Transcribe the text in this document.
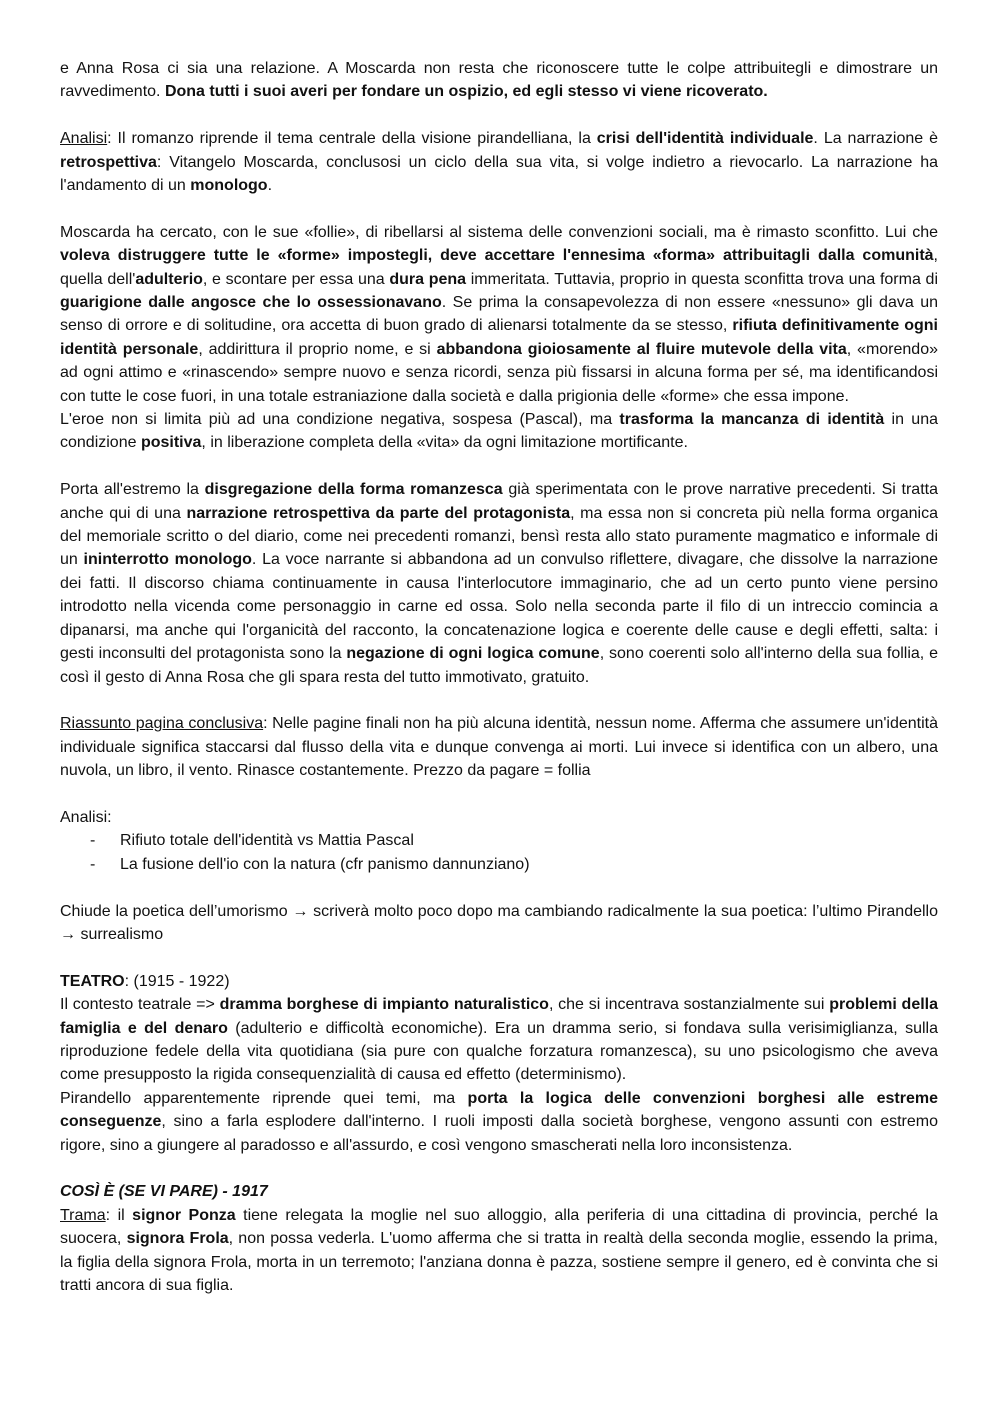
e Anna Rosa ci sia una relazione. A Moscarda non resta che riconoscere tutte le colpe attribuitegli e dimostrare un ravvedimento. Dona tutti i suoi averi per fondare un ospizio, ed egli stesso vi viene ricoverato.

Analisi: Il romanzo riprende il tema centrale della visione pirandelliana, la crisi dell'identità individuale. La narrazione è retrospettiva: Vitangelo Moscarda, conclusosi un ciclo della sua vita, si volge indietro a rievocarlo. La narrazione ha l'andamento di un monologo.

Moscarda ha cercato, con le sue «follie», di ribellarsi al sistema delle convenzioni sociali, ma è rimasto sconfitto. Lui che voleva distruggere tutte le «forme» impostegli, deve accettare l'ennesima «forma» attribuitagli dalla comunità, quella dell'adulterio, e scontare per essa una dura pena immeritata. Tuttavia, proprio in questa sconfitta trova una forma di guarigione dalle angosce che lo ossessionavano. Se prima la consapevolezza di non essere «nessuno» gli dava un senso di orrore e di solitudine, ora accetta di buon grado di alienarsi totalmente da se stesso, rifiuta definitivamente ogni identità personale, addirittura il proprio nome, e si abbandona gioiosamente al fluire mutevole della vita, «morendo» ad ogni attimo e «rinascendo» sempre nuovo e senza ricordi, senza più fissarsi in alcuna forma per sé, ma identificandosi con tutte le cose fuori, in una totale estraniazione dalla società e dalla prigionia delle «forme» che essa impone.

L'eroe non si limita più ad una condizione negativa, sospesa (Pascal), ma trasforma la mancanza di identità in una condizione positiva, in liberazione completa della «vita» da ogni limitazione mortificante.

Porta all'estremo la disgregazione della forma romanzesca già sperimentata con le prove narrative precedenti. Si tratta anche qui di una narrazione retrospettiva da parte del protagonista, ma essa non si concreta più nella forma organica del memoriale scritto o del diario, come nei precedenti romanzi, bensì resta allo stato puramente magmatico e informale di un ininterrotto monologo. La voce narrante si abbandona ad un convulso riflettere, divagare, che dissolve la narrazione dei fatti. Il discorso chiama continuamente in causa l'interlocutore immaginario, che ad un certo punto viene persino introdotto nella vicenda come personaggio in carne ed ossa. Solo nella seconda parte il filo di un intreccio comincia a dipanarsi, ma anche qui l'organicità del racconto, la concatenazione logica e coerente delle cause e degli effetti, salta: i gesti inconsulti del protagonista sono la negazione di ogni logica comune, sono coerenti solo all'interno della sua follia, e così il gesto di Anna Rosa che gli spara resta del tutto immotivato, gratuito.

Riassunto pagina conclusiva: Nelle pagine finali non ha più alcuna identità, nessun nome. Afferma che assumere un'identità individuale significa staccarsi dal flusso della vita e dunque convenga ai morti. Lui invece si identifica con un albero, una nuvola, un libro, il vento. Rinasce costantemente. Prezzo da pagare = follia

Analisi:

- Rifiuto totale dell'identità vs Mattia Pascal
- La fusione dell'io con la natura (cfr panismo dannunziano)

Chiude la poetica dell’umorismo → scriverà molto poco dopo ma cambiando radicalmente la sua poetica: l’ultimo Pirandello → surrealismo

TEATRO: (1915 - 1922)

Il contesto teatrale => dramma borghese di impianto naturalistico, che si incentrava sostanzialmente sui problemi della famiglia e del denaro (adulterio e difficoltà economiche). Era un dramma serio, si fondava sulla verisimiglianza, sulla riproduzione fedele della vita quotidiana (sia pure con qualche forzatura romanzesca), su uno psicologismo che aveva come presupposto la rigida consequenzialità di causa ed effetto (determinismo).

Pirandello apparentemente riprende quei temi, ma porta la logica delle convenzioni borghesi alle estreme conseguenze, sino a farla esplodere dall'interno. I ruoli imposti dalla società borghese, vengono assunti con estremo rigore, sino a giungere al paradosso e all'assurdo, e così vengono smascherati nella loro inconsistenza.

COSÌ È (SE VI PARE) - 1917

Trama: il signor Ponza tiene relegata la moglie nel suo alloggio, alla periferia di una cittadina di provincia, perché la suocera, signora Frola, non possa vederla. L'uomo afferma che si tratta in realtà della seconda moglie, essendo la prima, la figlia della signora Frola, morta in un terremoto; l'anziana donna è pazza, sostiene sempre il genero, ed è convinta che si tratti ancora di sua figlia.
